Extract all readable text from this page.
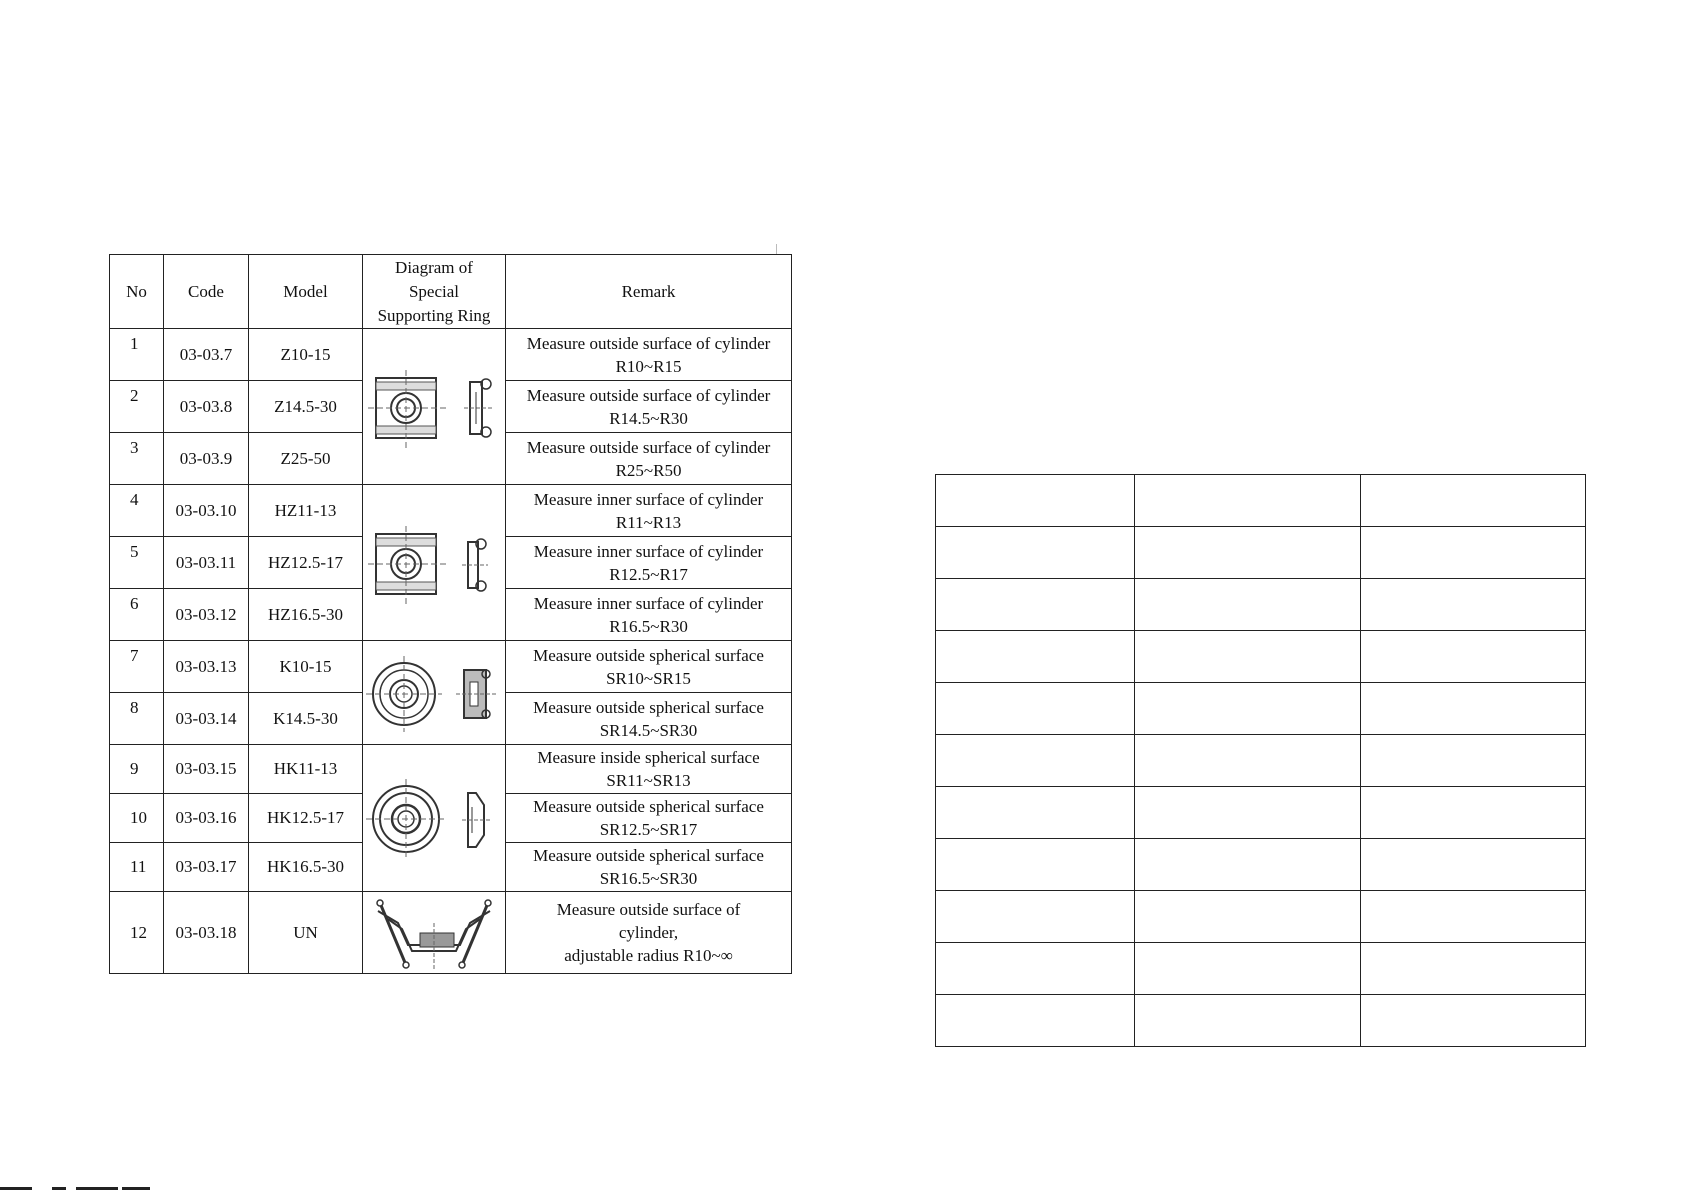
No	Code	Model	Diagram of
Special
Supporting Ring	Remark
1	03-03.7	Z10-15		Measure outside surface of cylinder
R10~R15

2	03-03.8	Z14.5-30		Measure outside surface of cylinder
R14.5~R30

3	03-03.9	Z25-50		Measure outside surface of cylinder
R25~R50

4	03-03.10	HZ11-13		Measure inner surface of cylinder
R11~R13

5	03-03.11	HZ12.5-17		Measure inner surface of cylinder
R12.5~R17

6	03-03.12	HZ16.5-30		Measure inner surface of cylinder
R16.5~R30

7	03-03.13	K10-15		Measure outside spherical surface
SR10~SR15

8	03-03.14	K14.5-30		Measure outside spherical surface
SR14.5~SR30

9	03-03.15	HK11-13		Measure inside spherical surface
SR11~SR13

10	03-03.16	HK12.5-17		Measure outside spherical surface
SR12.5~SR17

11	03-03.17	HK16.5-30		Measure outside spherical surface
SR16.5~SR30

12	03-03.18	UN		Measure outside surface of
cylinder,
adjustable radius R10~∞
